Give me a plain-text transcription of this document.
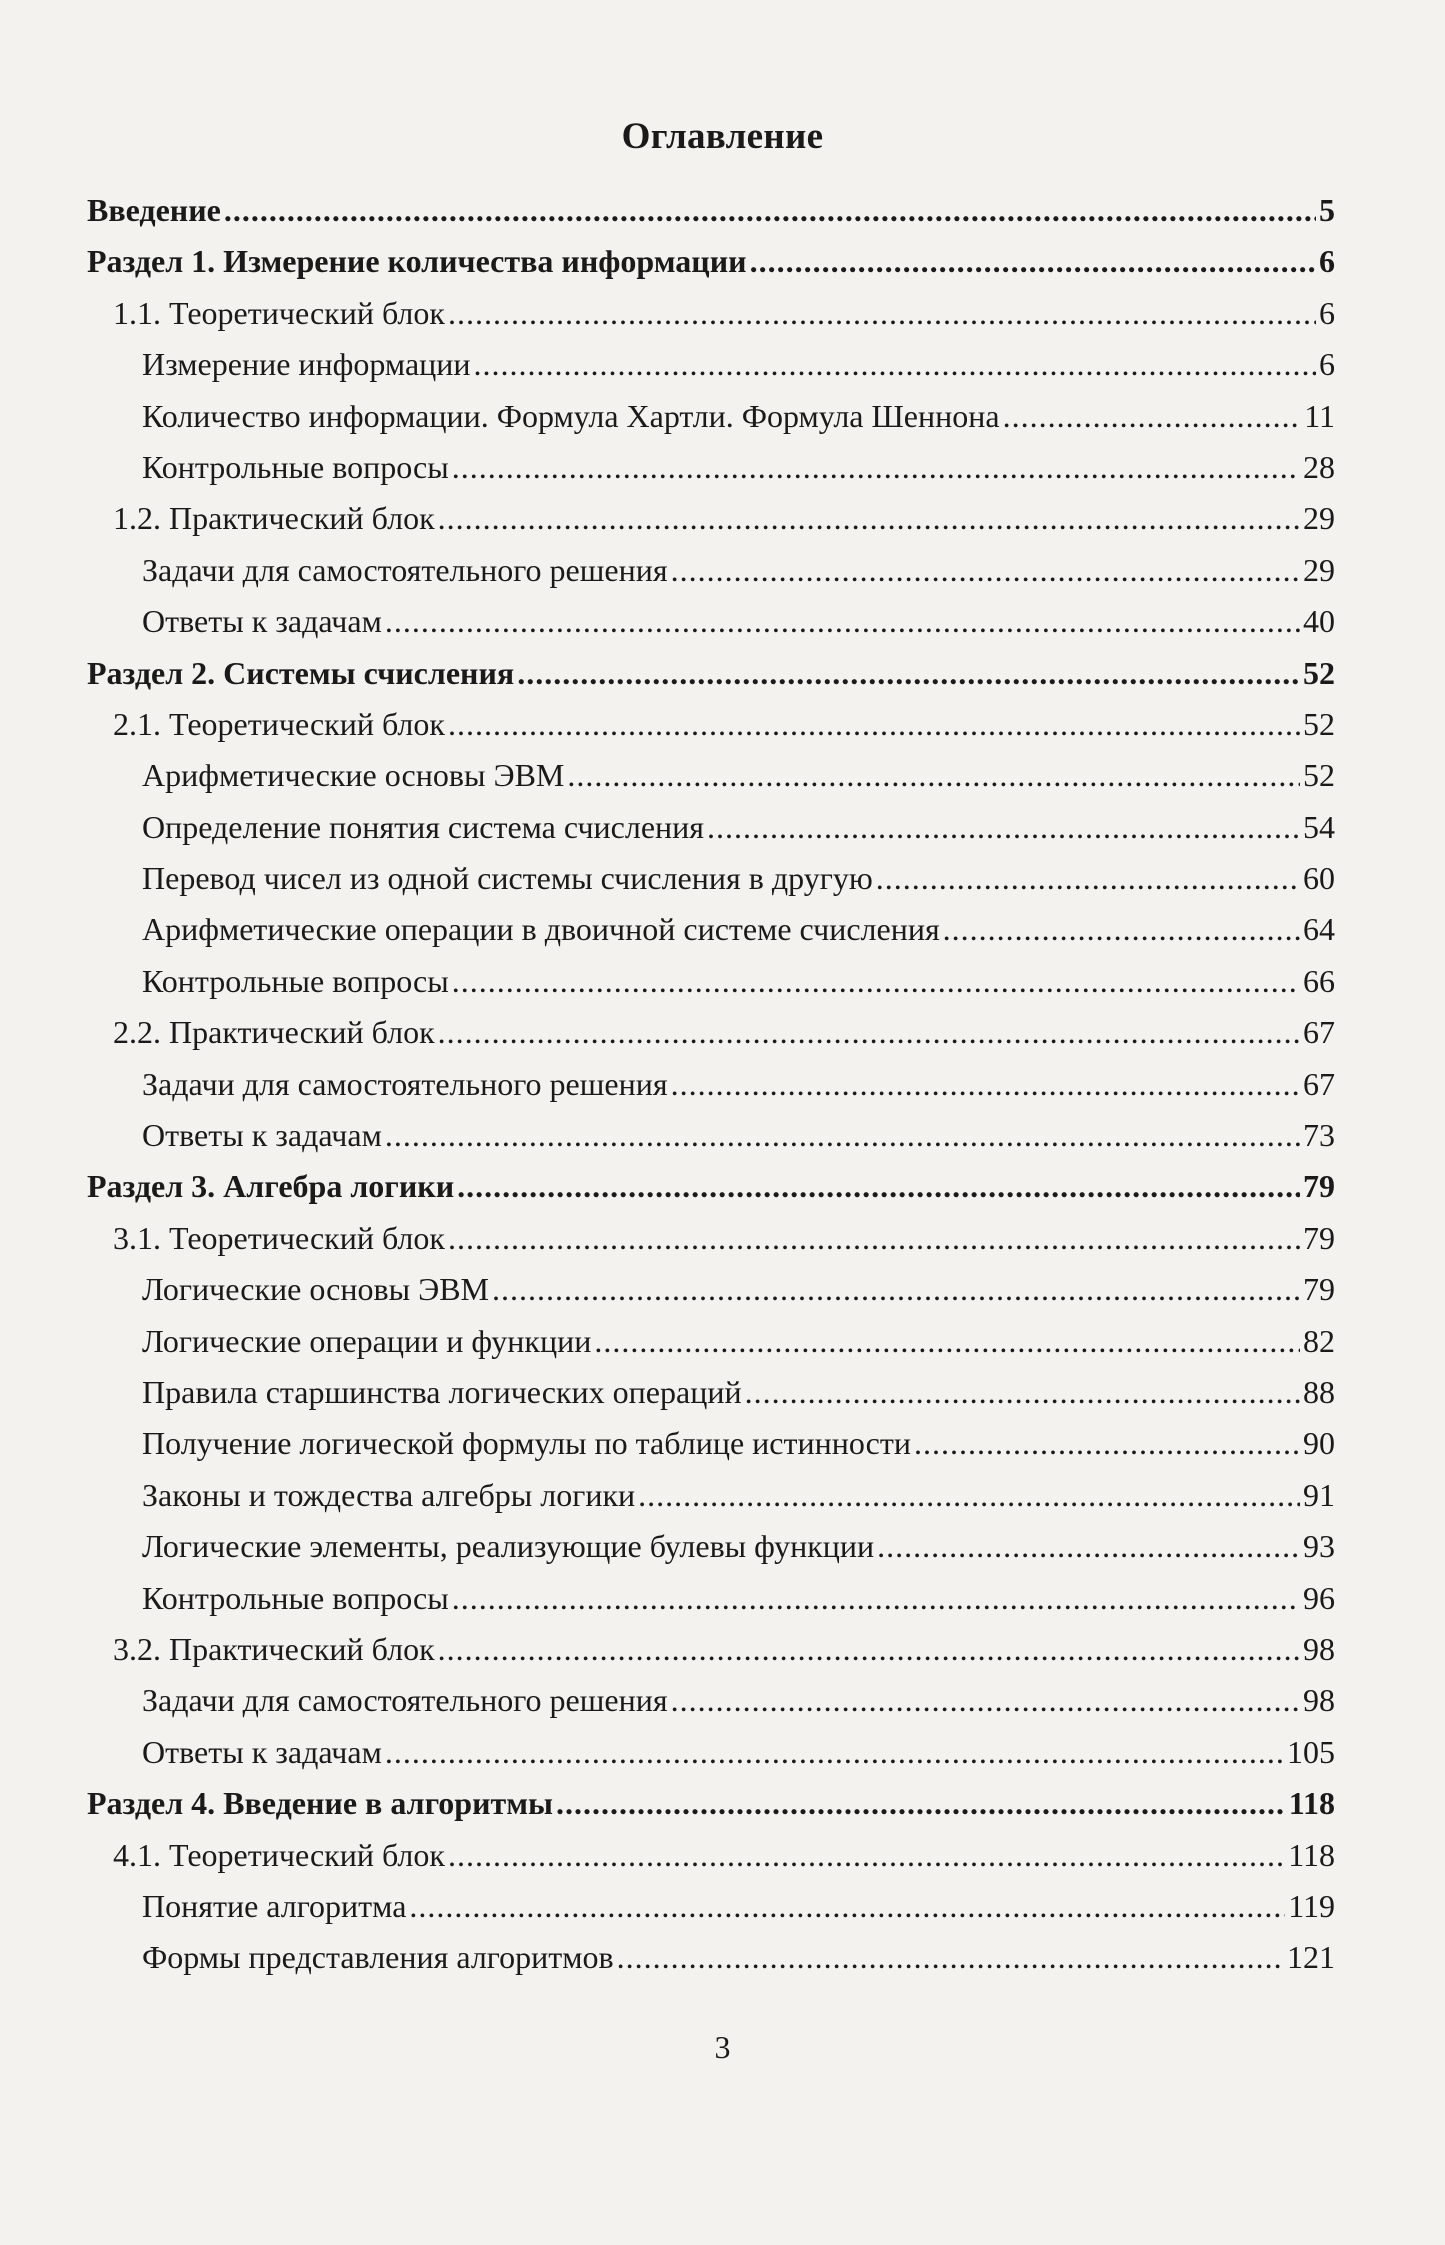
Оглавление
Введение .....	5
Раздел 1. Измерение количества информации .....	6
1.1. Теоретический блок .....	6
Измерение информации .....	6
Количество информации. Формула Хартли. Формула Шеннона .....	11
Контрольные вопросы .....	28
1.2. Практический блок .....	29
Задачи для самостоятельного решения .....	29
Ответы к задачам .....	40
Раздел 2. Системы счисления .....	52
2.1. Теоретический блок .....	52
Арифметические основы ЭВМ .....	52
Определение понятия система счисления .....	54
Перевод чисел из одной системы счисления в другую .....	60
Арифметические операции в двоичной системе счисления .....	64
Контрольные вопросы .....	66
2.2. Практический блок .....	67
Задачи для самостоятельного решения .....	67
Ответы к задачам .....	73
Раздел 3. Алгебра логики .....	79
3.1. Теоретический блок .....	79
Логические основы ЭВМ .....	79
Логические операции и функции .....	82
Правила старшинства логических операций .....	88
Получение логической формулы по таблице истинности .....	90
Законы и тождества алгебры логики .....	91
Логические элементы, реализующие булевы функции .....	93
Контрольные вопросы .....	96
3.2. Практический блок .....	98
Задачи для самостоятельного решения .....	98
Ответы к задачам .....	105
Раздел 4. Введение в алгоритмы .....	118
4.1. Теоретический блок .....	118
Понятие алгоритма .....	119
Формы представления алгоритмов .....	121
3
